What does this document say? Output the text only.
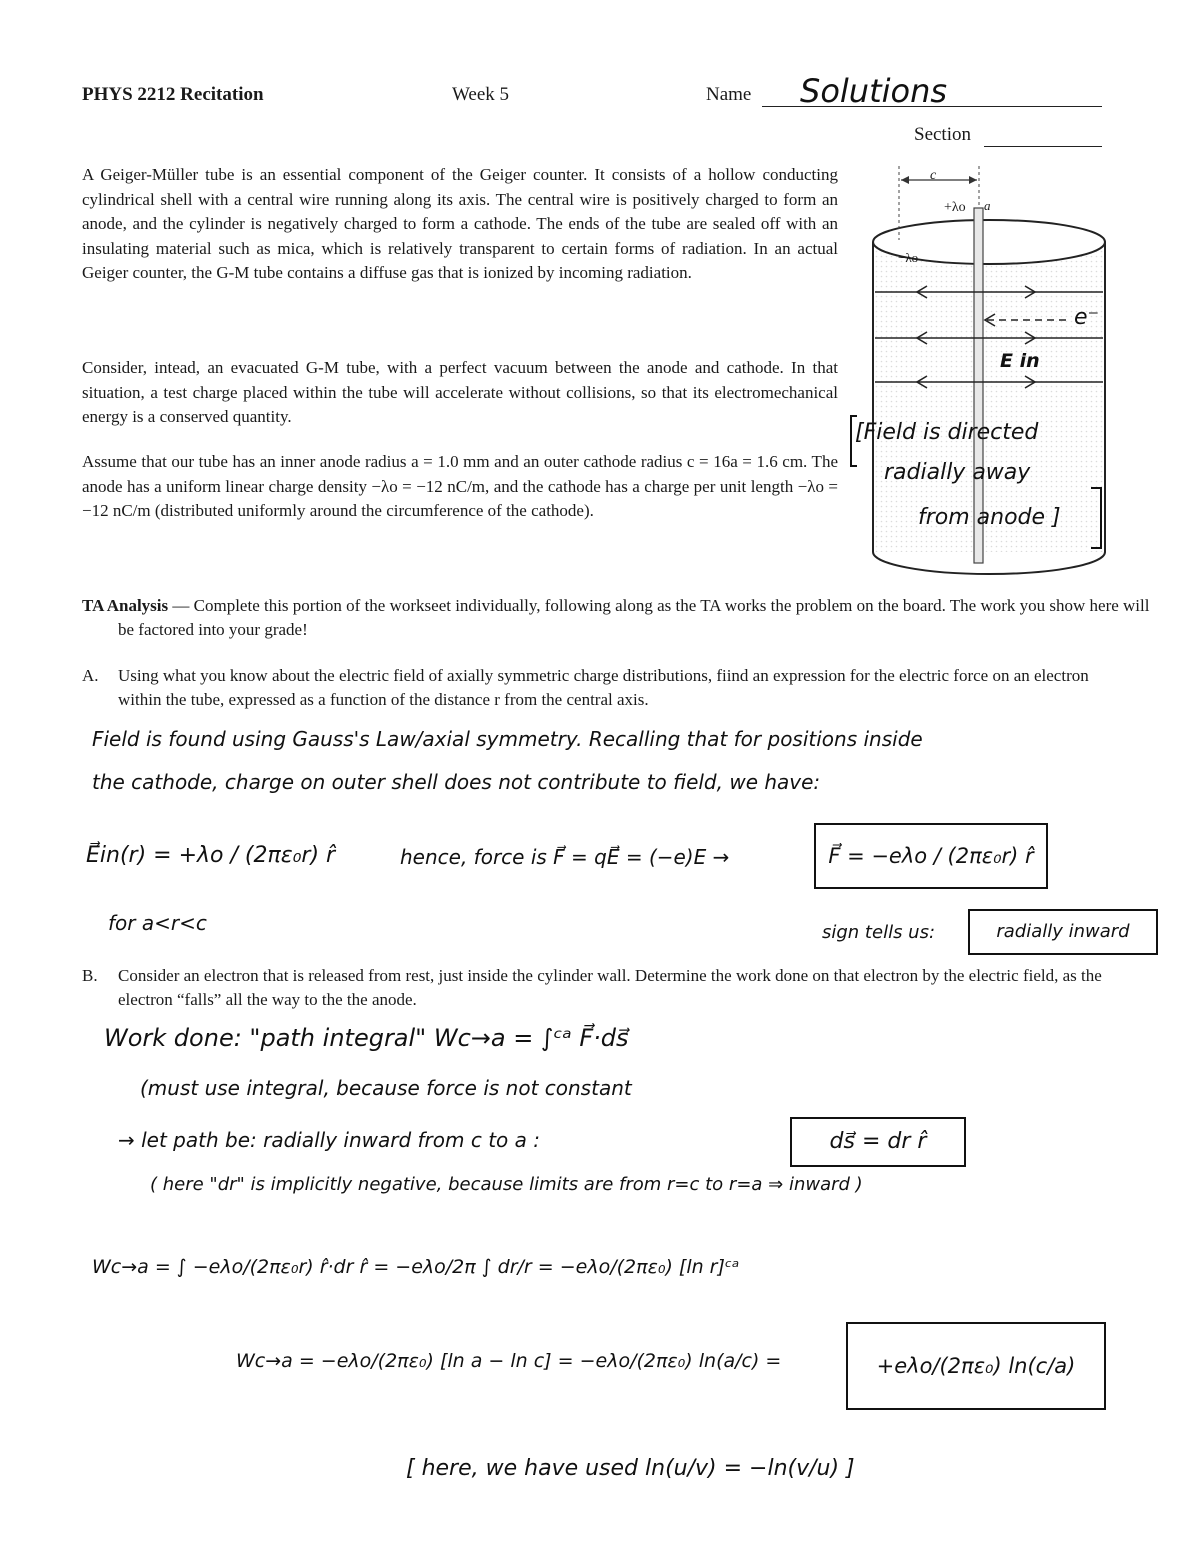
PHYS 2212 Recitation	Week 5	Name Solutions
Section
A Geiger-Müller tube is an essential component of the Geiger counter. It consists of a hollow conducting cylindrical shell with a central wire running along its axis. The central wire is positively charged to form an anode, and the cylinder is negatively charged to form a cathode. The ends of the tube are sealed off with an insulating material such as mica, which is relatively transparent to certain forms of radiation. In an actual Geiger counter, the G-M tube contains a diffuse gas that is ionized by incoming radiation.
Consider, intead, an evacuated G-M tube, with a perfect vacuum between the anode and cathode. In that situation, a test charge placed within the tube will accelerate without collisions, so that its electromechanical energy is a conserved quantity.
Assume that our tube has an inner anode radius a = 1.0 mm and an outer cathode radius c = 16a = 1.6 cm. The anode has a uniform linear charge density −λo = −12 nC/m, and the cathode has a charge per unit length −λo = −12 nC/m (distributed uniformly around the circumference of the cathode).
c
+λo a
−λo
e⁻
E in
[Field is directed
radially away
from anode ]
TA Analysis — Complete this portion of the workseet individually, following along as the TA works the problem on the board. The work you show here will be factored into your grade!
A. Using what you know about the electric field of axially symmetric charge distributions, fiind an expression for the electric force on an electron within the tube, expressed as a function of the distance r from the central axis.
Field is found using Gauss's Law/axial symmetry. Recalling that for positions inside
the cathode, charge on outer shell does not contribute to field, we have:
E⃗in(r) = +λo / (2πε₀r) r̂	hence, force is F⃗ = qE⃗ = (−e)E →	F⃗ = −eλo / (2πε₀r) r̂
for a<r<c	sign tells us:	radially inward
B. Consider an electron that is released from rest, just inside the cylinder wall. Determine the work done on that electron by the electric field, as the electron “falls” all the way to the the anode.
Work done: "path integral" Wc→a = ∫ᶜᵃ F⃗·ds⃗
(must use integral, because force is not constant
→ let path be: radially inward from c to a :	ds⃗ = dr r̂
( here "dr" is implicitly negative, because limits are from r=c to r=a ⇒ inward )
Wc→a = ∫ −eλo/(2πε₀r) r̂·dr r̂ = −eλo/2π ∫ dr/r = −eλo/(2πε₀) [ln r]ᶜᵃ
Wc→a = −eλo/(2πε₀) [ln a − ln c] = −eλo/(2πε₀) ln(a/c) =	+eλo/(2πε₀) ln(c/a)
[ here, we have used ln(u/v) = −ln(v/u) ]
